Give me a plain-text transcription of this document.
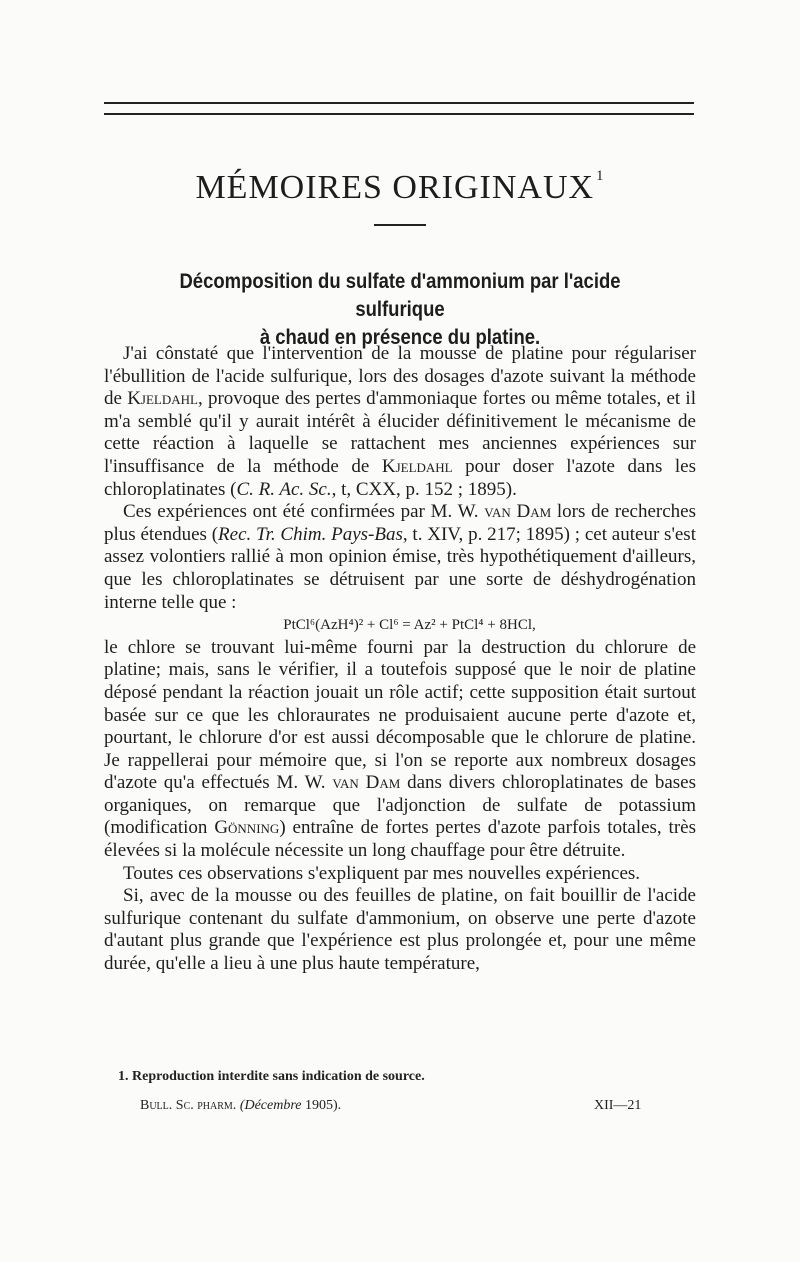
MÉMOIRES ORIGINAUX $^1$
Décomposition du sulfate d'ammonium par l'acide sulfurique
à chaud en présence du platine.

J'ai cônstaté que l'intervention de la mousse de platine pour régulariser l'ébullition de l'acide sulfurique, lors des dosages d'azote suivant la méthode de Kjeldahl, provoque des pertes d'ammoniaque fortes ou même totales, et il m'a semblé qu'il y aurait intérêt à élucider définitivement le mécanisme de cette réaction à laquelle se rattachent mes anciennes expériences sur l'insuffisance de la méthode de Kjeldahl pour doser l'azote dans les chloroplatinates (C. R. Ac. Sc., t, CXX, p. 152 ; 1895).

Ces expériences ont été confirmées par M. W. van Dam lors de recherches plus étendues (Rec. Tr. Chim. Pays-Bas, t. XIV, p. 217; 1895) ; cet auteur s'est assez volontiers rallié à mon opinion émise, très hypothétiquement d'ailleurs, que les chloroplatinates se détruisent par une sorte de déshydrogénation interne telle que :

PtCl⁶(AzH⁴)² + Cl⁶ = Az² + PtCl⁴ + 8HCl,

le chlore se trouvant lui-même fourni par la destruction du chlorure de platine; mais, sans le vérifier, il a toutefois supposé que le noir de platine déposé pendant la réaction jouait un rôle actif; cette supposition était surtout basée sur ce que les chloraurates ne produisaient aucune perte d'azote et, pourtant, le chlorure d'or est aussi décomposable que le chlorure de platine. Je rappellerai pour mémoire que, si l'on se reporte aux nombreux dosages d'azote qu'a effectués M. W. van Dam dans divers chloroplatinates de bases organiques, on remarque que l'adjonction de sulfate de potassium (modification Gönning) entraîne de fortes pertes d'azote parfois totales, très élevées si la molécule nécessite un long chauffage pour être détruite.

Toutes ces observations s'expliquent par mes nouvelles expériences.

Si, avec de la mousse ou des feuilles de platine, on fait bouillir de l'acide sulfurique contenant du sulfate d'ammonium, on observe une perte d'azote d'autant plus grande que l'expérience est plus prolongée et, pour une même durée, qu'elle a lieu à une plus haute température,

1. Reproduction interdite sans indication de source.
Bull. Sc. pharm. (Décembre 1905).	XII—21
